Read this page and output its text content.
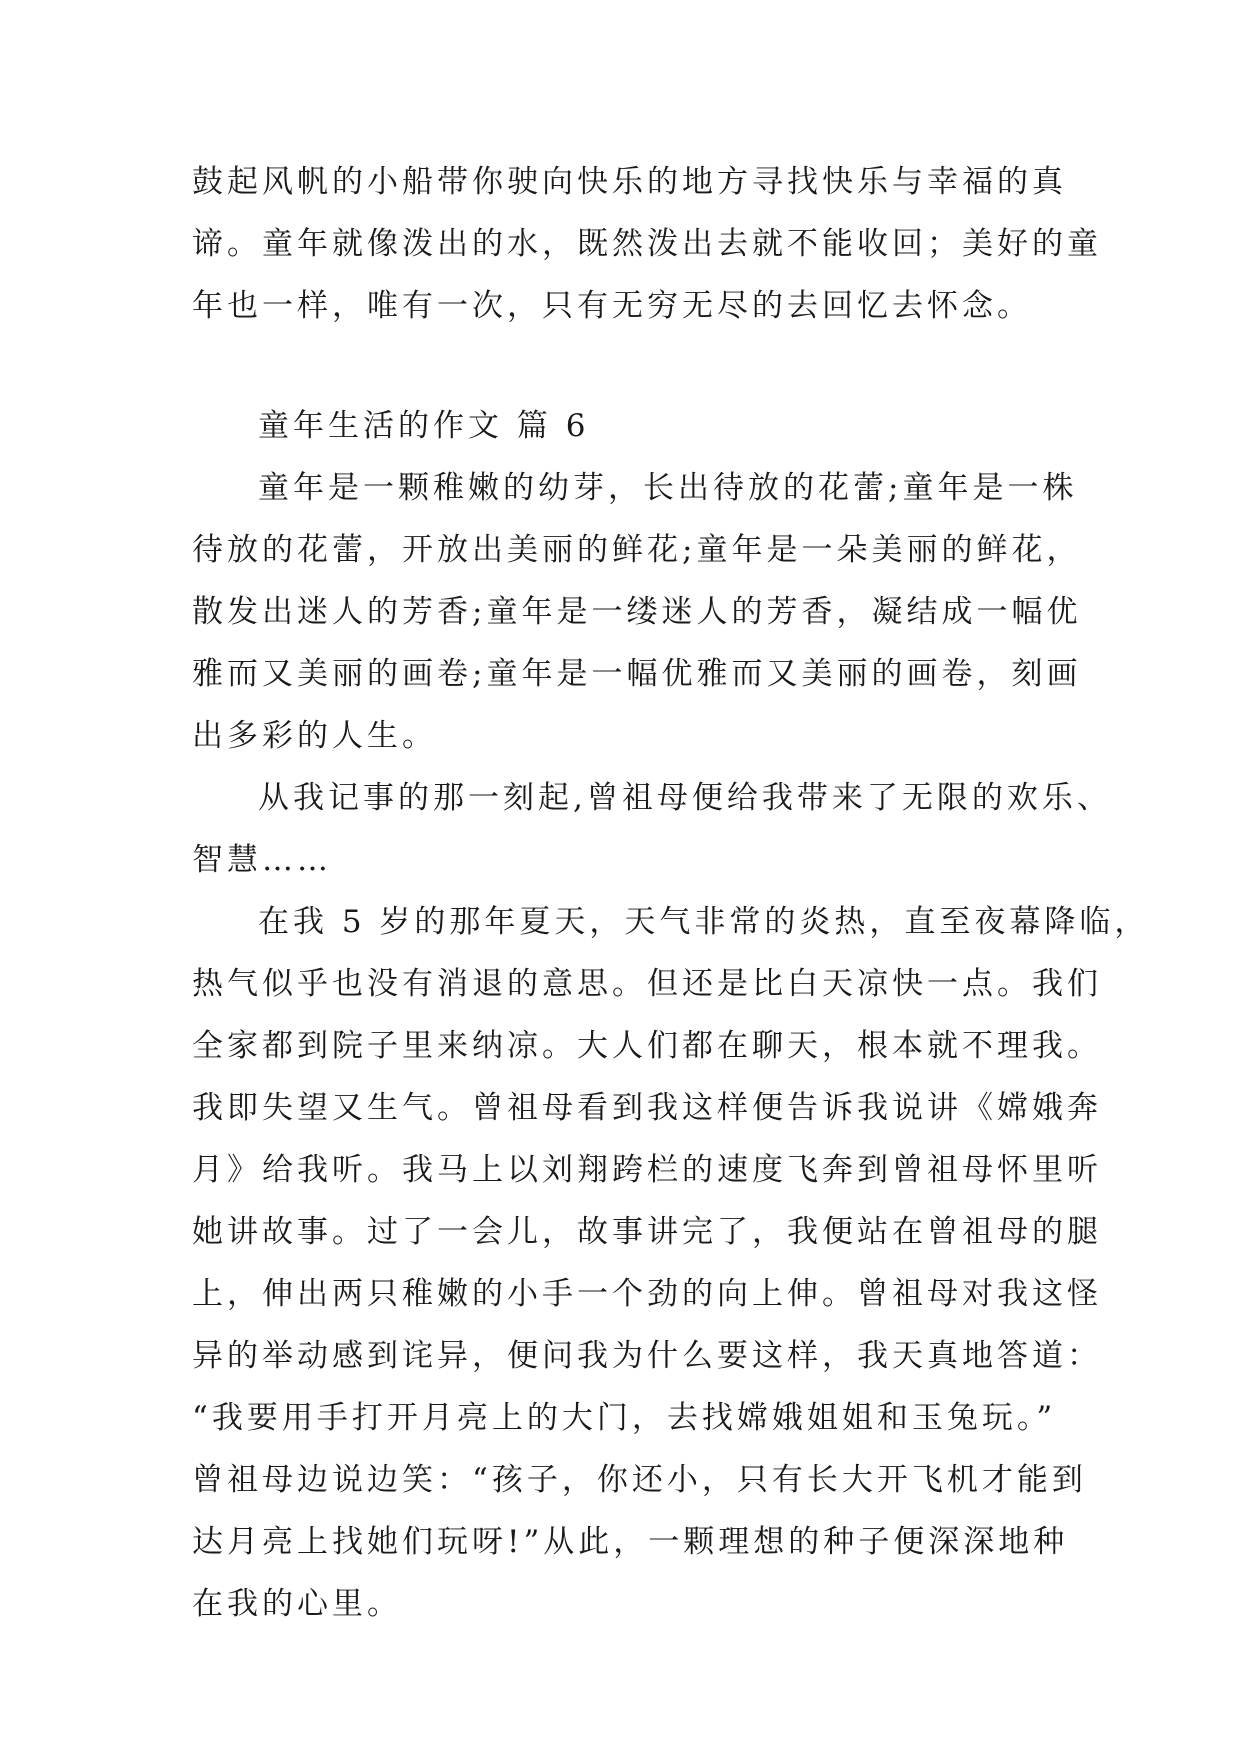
鼓起风帆的小船带你驶向快乐的地方寻找快乐与幸福的真
谛。童年就像泼出的水，既然泼出去就不能收回；美好的童
年也一样，唯有一次，只有无穷无尽的去回忆去怀念。
童年生活的作文 篇 6
童年是一颗稚嫩的幼芽，长出待放的花蕾;童年是一株
待放的花蕾，开放出美丽的鲜花;童年是一朵美丽的鲜花，
散发出迷人的芳香;童年是一缕迷人的芳香，凝结成一幅优
雅而又美丽的画卷;童年是一幅优雅而又美丽的画卷，刻画
出多彩的人生。
从我记事的那一刻起,曾祖母便给我带来了无限的欢乐、
智慧……
在我 5 岁的那年夏天，天气非常的炎热，直至夜幕降临，
热气似乎也没有消退的意思。但还是比白天凉快一点。我们
全家都到院子里来纳凉。大人们都在聊天，根本就不理我。
我即失望又生气。曾祖母看到我这样便告诉我说讲《嫦娥奔
月》给我听。我马上以刘翔跨栏的速度飞奔到曾祖母怀里听
她讲故事。过了一会儿，故事讲完了，我便站在曾祖母的腿
上，伸出两只稚嫩的小手一个劲的向上伸。曾祖母对我这怪
异的举动感到诧异，便问我为什么要这样，我天真地答道：
“我要用手打开月亮上的大门，去找嫦娥姐姐和玉兔玩。”
曾祖母边说边笑：“孩子，你还小，只有长大开飞机才能到
达月亮上找她们玩呀!”从此，一颗理想的种子便深深地种
在我的心里。
